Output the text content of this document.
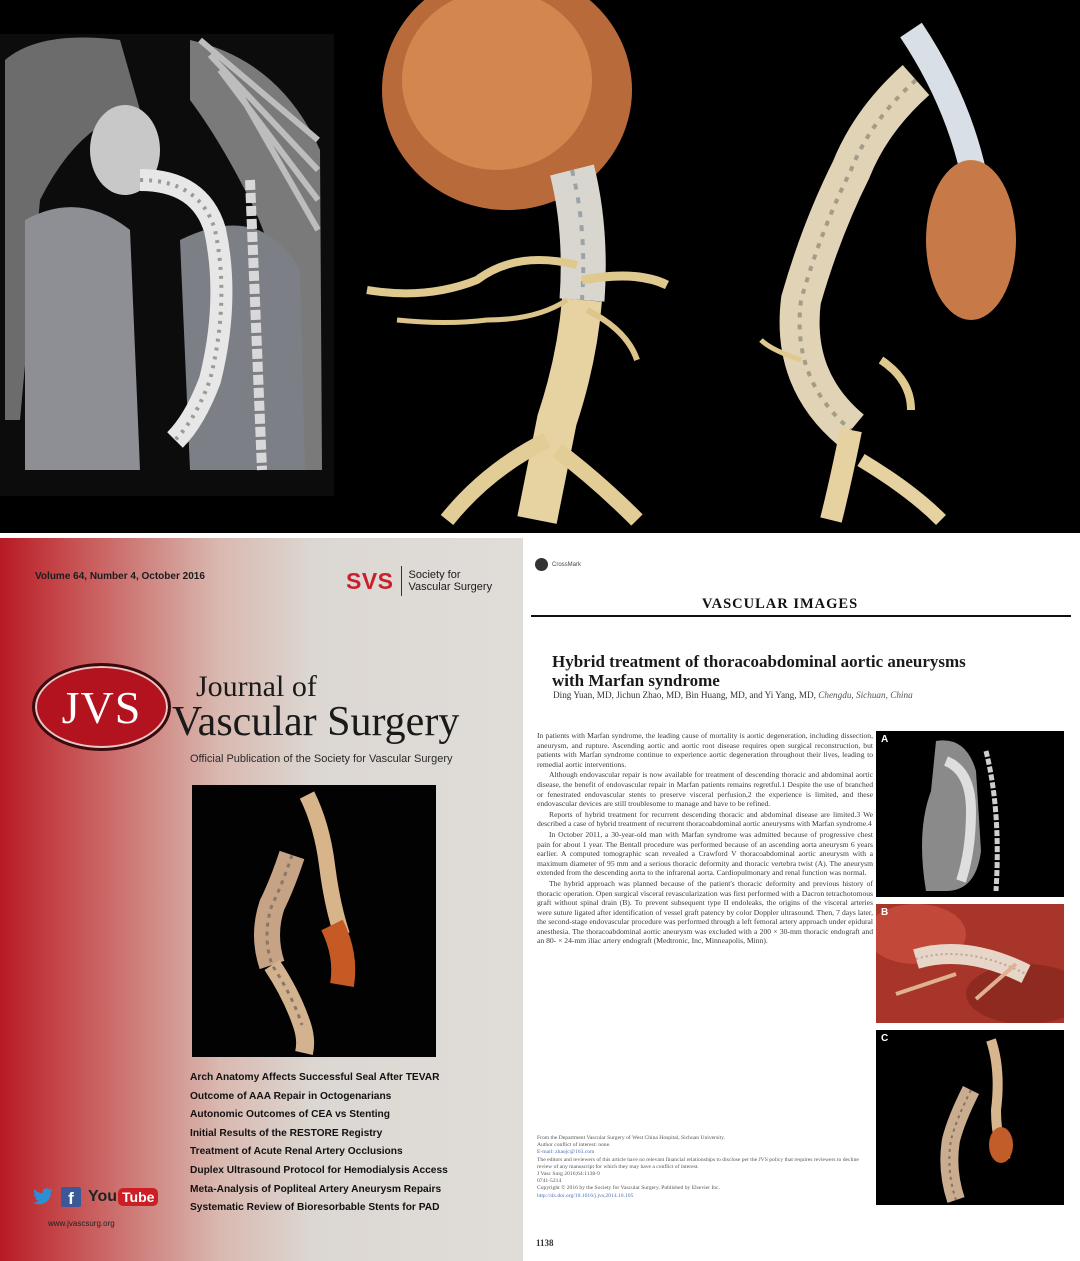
Volume 64, Number 4, October 2016	SVS Society for
Vascular Surgery
JVS Journal of
Vascular Surgery
Official Publication of the Society for Vascular Surgery
Arch Anatomy Affects Successful Seal After TEVAR
Outcome of AAA Repair in Octogenarians
Autonomic Outcomes of CEA vs Stenting
Initial Results of the RESTORE Registry
Treatment of Acute Renal Artery Occlusions
Duplex Ultrasound Protocol for Hemodialysis Access
Meta-Analysis of Popliteal Artery Aneurysm Repairs
Systematic Review of Bioresorbable Stents for PAD
f You Tube
www.jvascsurg.org
CrossMark
VASCULAR IMAGES
Hybrid treatment of thoracoabdominal aortic aneurysms
with Marfan syndrome
Ding Yuan, MD, Jichun Zhao, MD, Bin Huang, MD, and Yi Yang, MD, Chengdu, Sichuan, China

In patients with Marfan syndrome, the leading cause of mortality is aortic degeneration, including dissection, aneurysm, and rupture. Ascending aortic and aortic root disease requires open surgical reconstruction, but patients with Marfan syndrome continue to experience aortic degeneration throughout their lives, leading to remedial aortic interventions.

Although endovascular repair is now available for treatment of descending thoracic and abdominal aortic disease, the benefit of endovascular repair in Marfan patients remains regretful.1 Despite the use of branched or fenestrated endovascular stents to preserve visceral perfusion,2 the experience is limited, and these endovascular devices are still troublesome to manage and have to be refined.

Reports of hybrid treatment for recurrent descending thoracic and abdominal disease are limited.3 We described a case of hybrid treatment of recurrent thoracoabdominal aortic aneurysms with Marfan syndrome.4

In October 2011, a 30-year-old man with Marfan syndrome was admitted because of progressive chest pain for about 1 year. The Bentall procedure was performed because of an ascending aorta aneurysm 6 years earlier. A computed tomographic scan revealed a Crawford V thoracoabdominal aortic aneurysm with a maximum diameter of 95 mm and a serious thoracic deformity and thoracic vertebra twist (A). The aneurysm extended from the descending aorta to the infrarenal aorta. Cardiopulmonary and renal function was normal.

The hybrid approach was planned because of the patient's thoracic deformity and previous history of thoracic operation. Open surgical visceral revascularization was first performed with a Dacron tetrachotomous graft without spinal drain (B). To prevent subsequent type II endoleaks, the origins of the visceral arteries were suture ligated after identification of vessel graft patency by color Doppler ultrasound. Then, 7 days later, the second-stage endovascular procedure was performed through a left femoral artery approach under epidural anesthesia. The thoracoabdominal aortic aneurysm was excluded with a 200 × 30-mm thoracic endograft and an 80- × 24-mm iliac artery endograft (Medtronic, Inc, Minneapolis, Minn).

From the Department Vascular Surgery of West China Hospital, Sichuan University.
Author conflict of interest: none.
E-mail: zhaojc@163.com
The editors and reviewers of this article have no relevant financial relationships to disclose per the JVS policy that requires reviewers to decline review of any manuscript for which they may have a conflict of interest.
J Vasc Surg 2016;64:1138-9
0741-5214
Copyright © 2016 by the Society for Vascular Surgery. Published by Elsevier Inc.
http://dx.doi.org/10.1016/j.jvs.2014.10.105
1138
A
B
C
